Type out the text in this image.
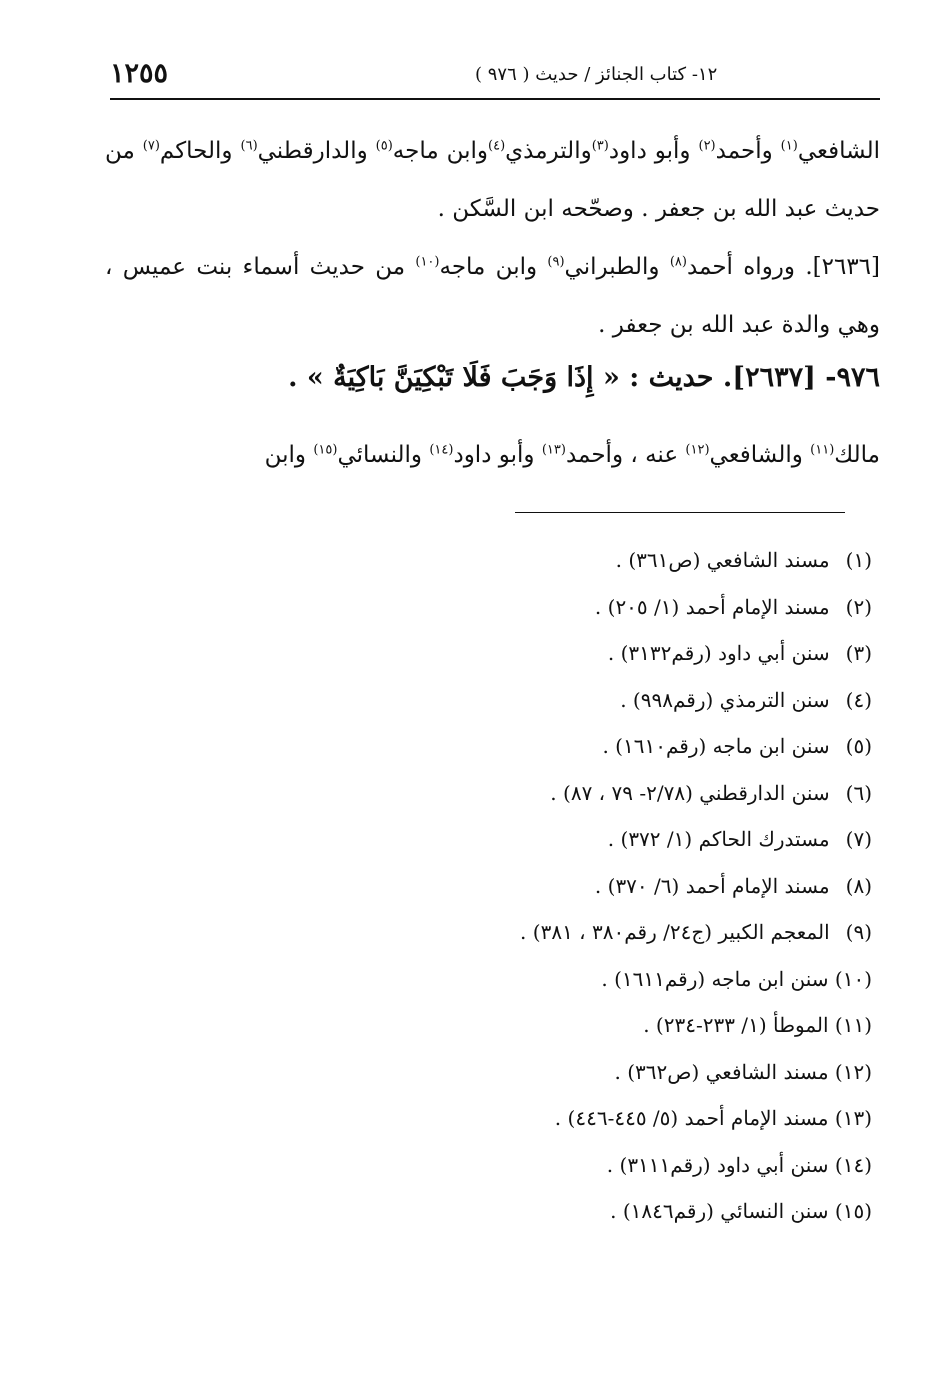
١٢٥٥	١٢- كتاب الجنائز / حديث ( ٩٧٦ )

الشافعي$^{(١)}$ وأحمد$^{(٢)}$ وأبو داود$^{(٣)}$والترمذي$^{(٤)}$وابن ماجه$^{(٥)}$ والدارقطني$^{(٦)}$ والحاكم$^{(٧)}$ من حديث عبد الله بن جعفر . وصحّحه ابن السَّكن .

[٢٦٣٦]. ورواه أحمد$^{(٨)}$ والطبراني$^{(٩)}$ وابن ماجه$^{(١٠)}$ من حديث أسماء بنت عميس ، وهي والدة عبد الله بن جعفر .

٩٧٦- [٢٦٣٧]. حديث : « إِذَا وَجَبَ فَلَا تَبْكِيَنَّ بَاكِيَةٌ » .
مالك$^{(١١)}$ والشافعي$^{(١٢)}$ عنه ، وأحمد$^{(١٣)}$ وأبو داود$^{(١٤)}$ والنسائي$^{(١٥)}$ وابن
(١) مسند الشافعي (ص٣٦١) .
(٢) مسند الإمام أحمد (١/ ٢٠٥) .
(٣) سنن أبي داود (رقم٣١٣٢) .
(٤) سنن الترمذي (رقم٩٩٨) .
(٥) سنن ابن ماجه (رقم١٦١٠) .
(٦) سنن الدارقطني (٢/٧٨- ٧٩ ، ٨٧) .
(٧) مستدرك الحاكم (١/ ٣٧٢) .
(٨) مسند الإمام أحمد (٦/ ٣٧٠) .
(٩) المعجم الكبير (ج٢٤/ رقم٣٨٠ ، ٣٨١) .
(١٠) سنن ابن ماجه (رقم١٦١١) .
(١١) الموطأ (١/ ٢٣٣-٢٣٤) .
(١٢) مسند الشافعي (ص٣٦٢) .
(١٣) مسند الإمام أحمد (٥/ ٤٤٥-٤٤٦) .
(١٤) سنن أبي داود (رقم٣١١١) .
(١٥) سنن النسائي (رقم١٨٤٦) .
